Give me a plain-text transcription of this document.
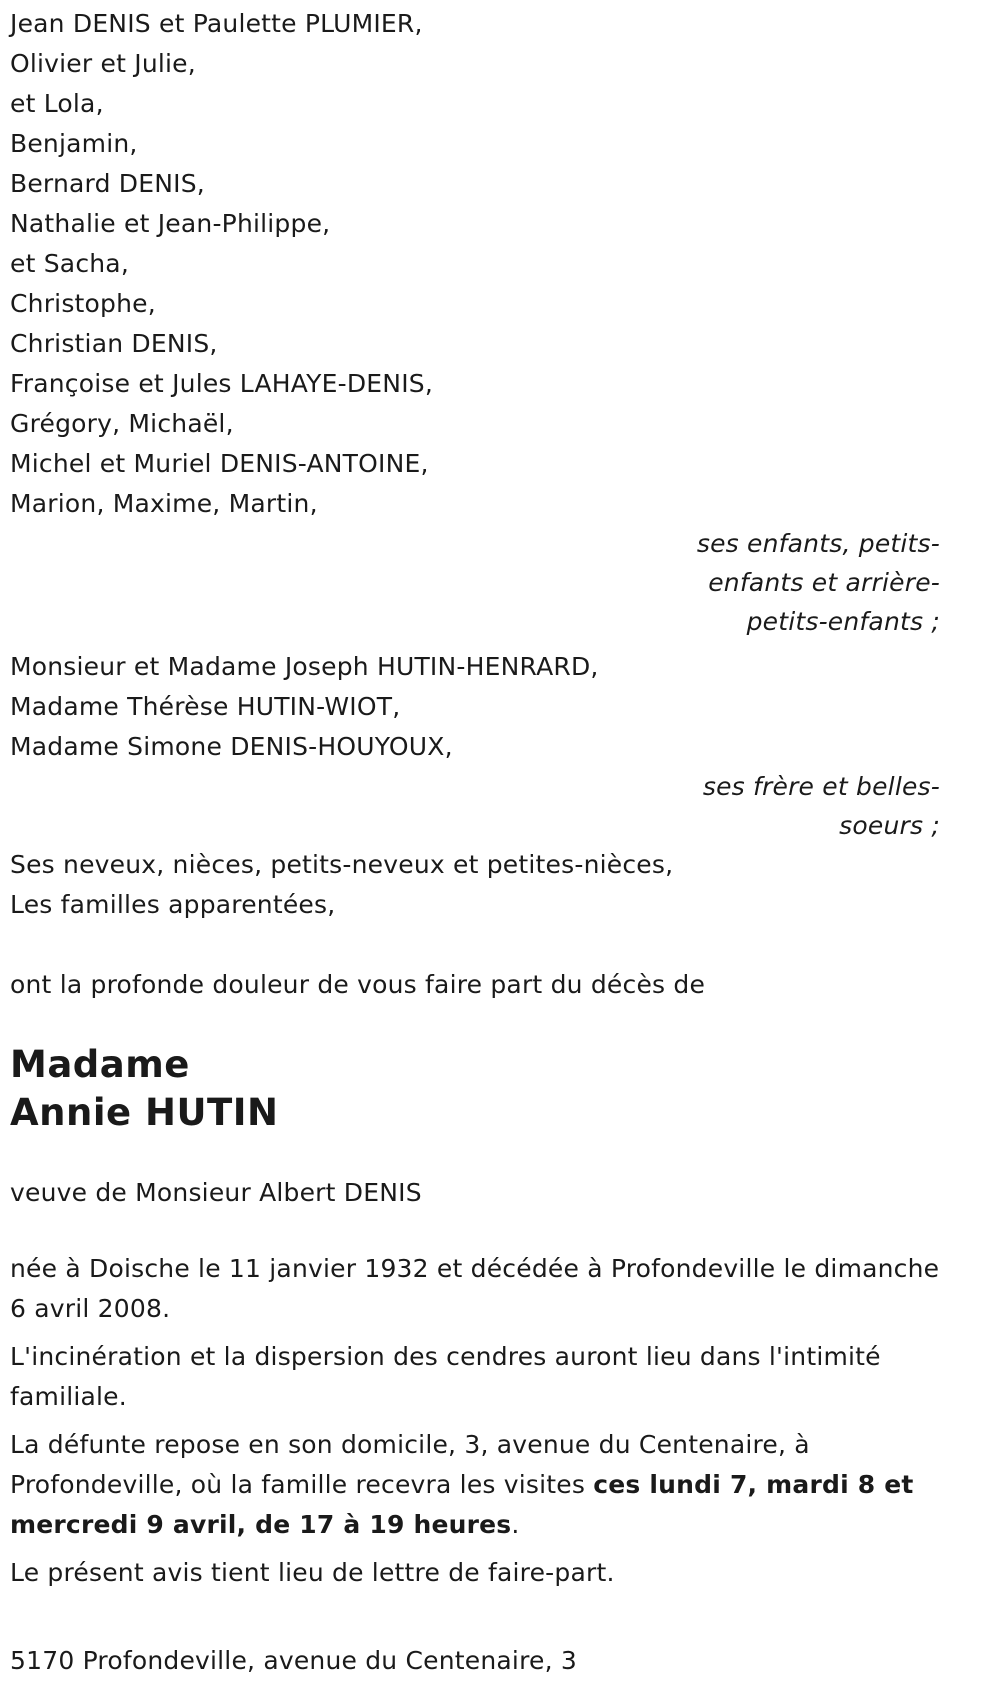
Jean DENIS et Paulette PLUMIER,
Olivier et Julie,
et Lola,
Benjamin,
Bernard DENIS,
Nathalie et Jean-Philippe,
et Sacha,
Christophe,
Christian DENIS,
Françoise et Jules LAHAYE-DENIS,
Grégory, Michaël,
Michel et Muriel DENIS-ANTOINE,
Marion, Maxime, Martin,
ses enfants, petits-
enfants et arrière-
petits-enfants ;
Monsieur et Madame Joseph HUTIN-HENRARD,
Madame Thérèse HUTIN-WIOT,
Madame Simone DENIS-HOUYOUX,
ses frère et belles-
soeurs ;
Ses neveux, nièces, petits-neveux et petites-nièces,
Les familles apparentées,
ont la profonde douleur de vous faire part du décès de
Madame
Annie HUTIN
veuve de Monsieur Albert DENIS
née à Doische le 11 janvier 1932 et décédée à Profondeville le dimanche 6 avril 2008.
L'incinération et la dispersion des cendres auront lieu dans l'intimité familiale.
La défunte repose en son domicile, 3, avenue du Centenaire, à Profondeville, où la famille recevra les visites ces lundi 7, mardi 8 et mercredi 9 avril, de 17 à 19 heures.
Le présent avis tient lieu de lettre de faire-part.
5170 Profondeville, avenue du Centenaire, 3
